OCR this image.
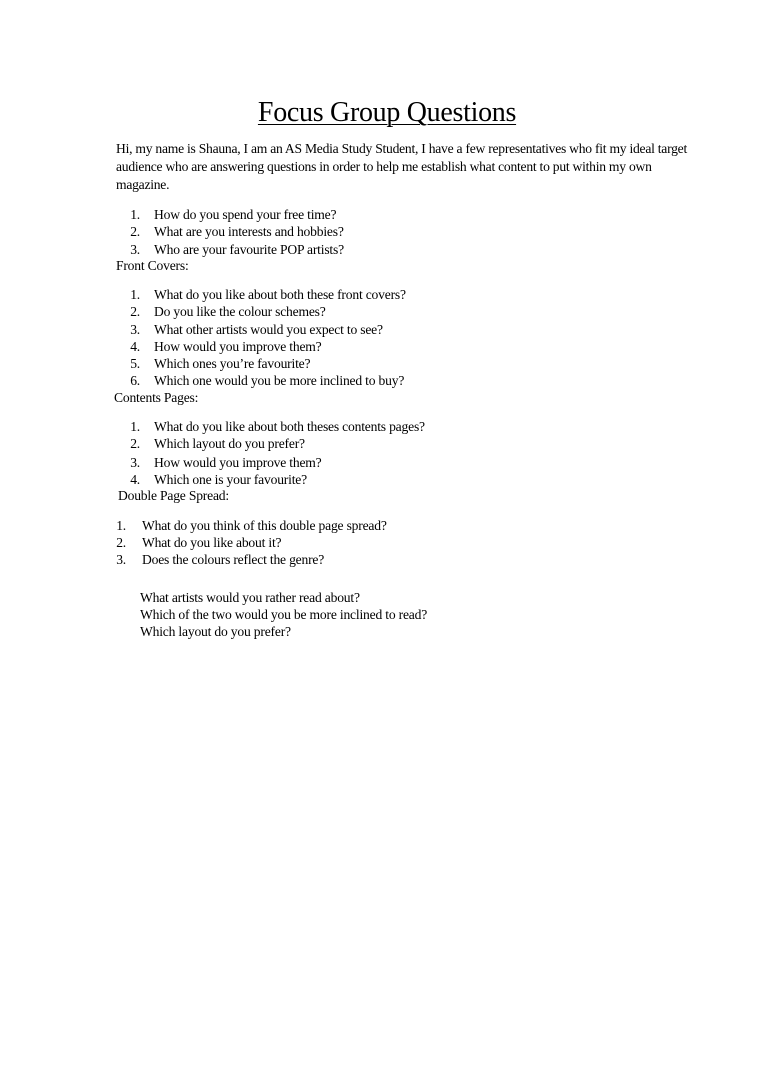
Focus Group Questions
Hi, my name is Shauna, I am an AS Media Study Student, I have a few representatives who fit my ideal target audience who are answering questions in order to help me establish what content to put within my own magazine.
1. How do you spend your free time?
2. What are you interests and hobbies?
3. Who are your favourite POP artists?
Front Covers:
1. What do you like about both these front covers?
2. Do you like the colour schemes?
3. What other artists would you expect to see?
4. How would you improve them?
5. Which ones you’re favourite?
6. Which one would you be more inclined to buy?
Contents Pages:
1. What do you like about both theses contents pages?
2. Which layout do you prefer?
3. How would you improve them?
4. Which one is your favourite?
Double Page Spread:
1. What do you think of this double page spread?
2. What do you like about it?
3. Does the colours reflect the genre?
What artists would you rather read about?
Which of the two would you be more inclined to read?
Which layout do you prefer?
